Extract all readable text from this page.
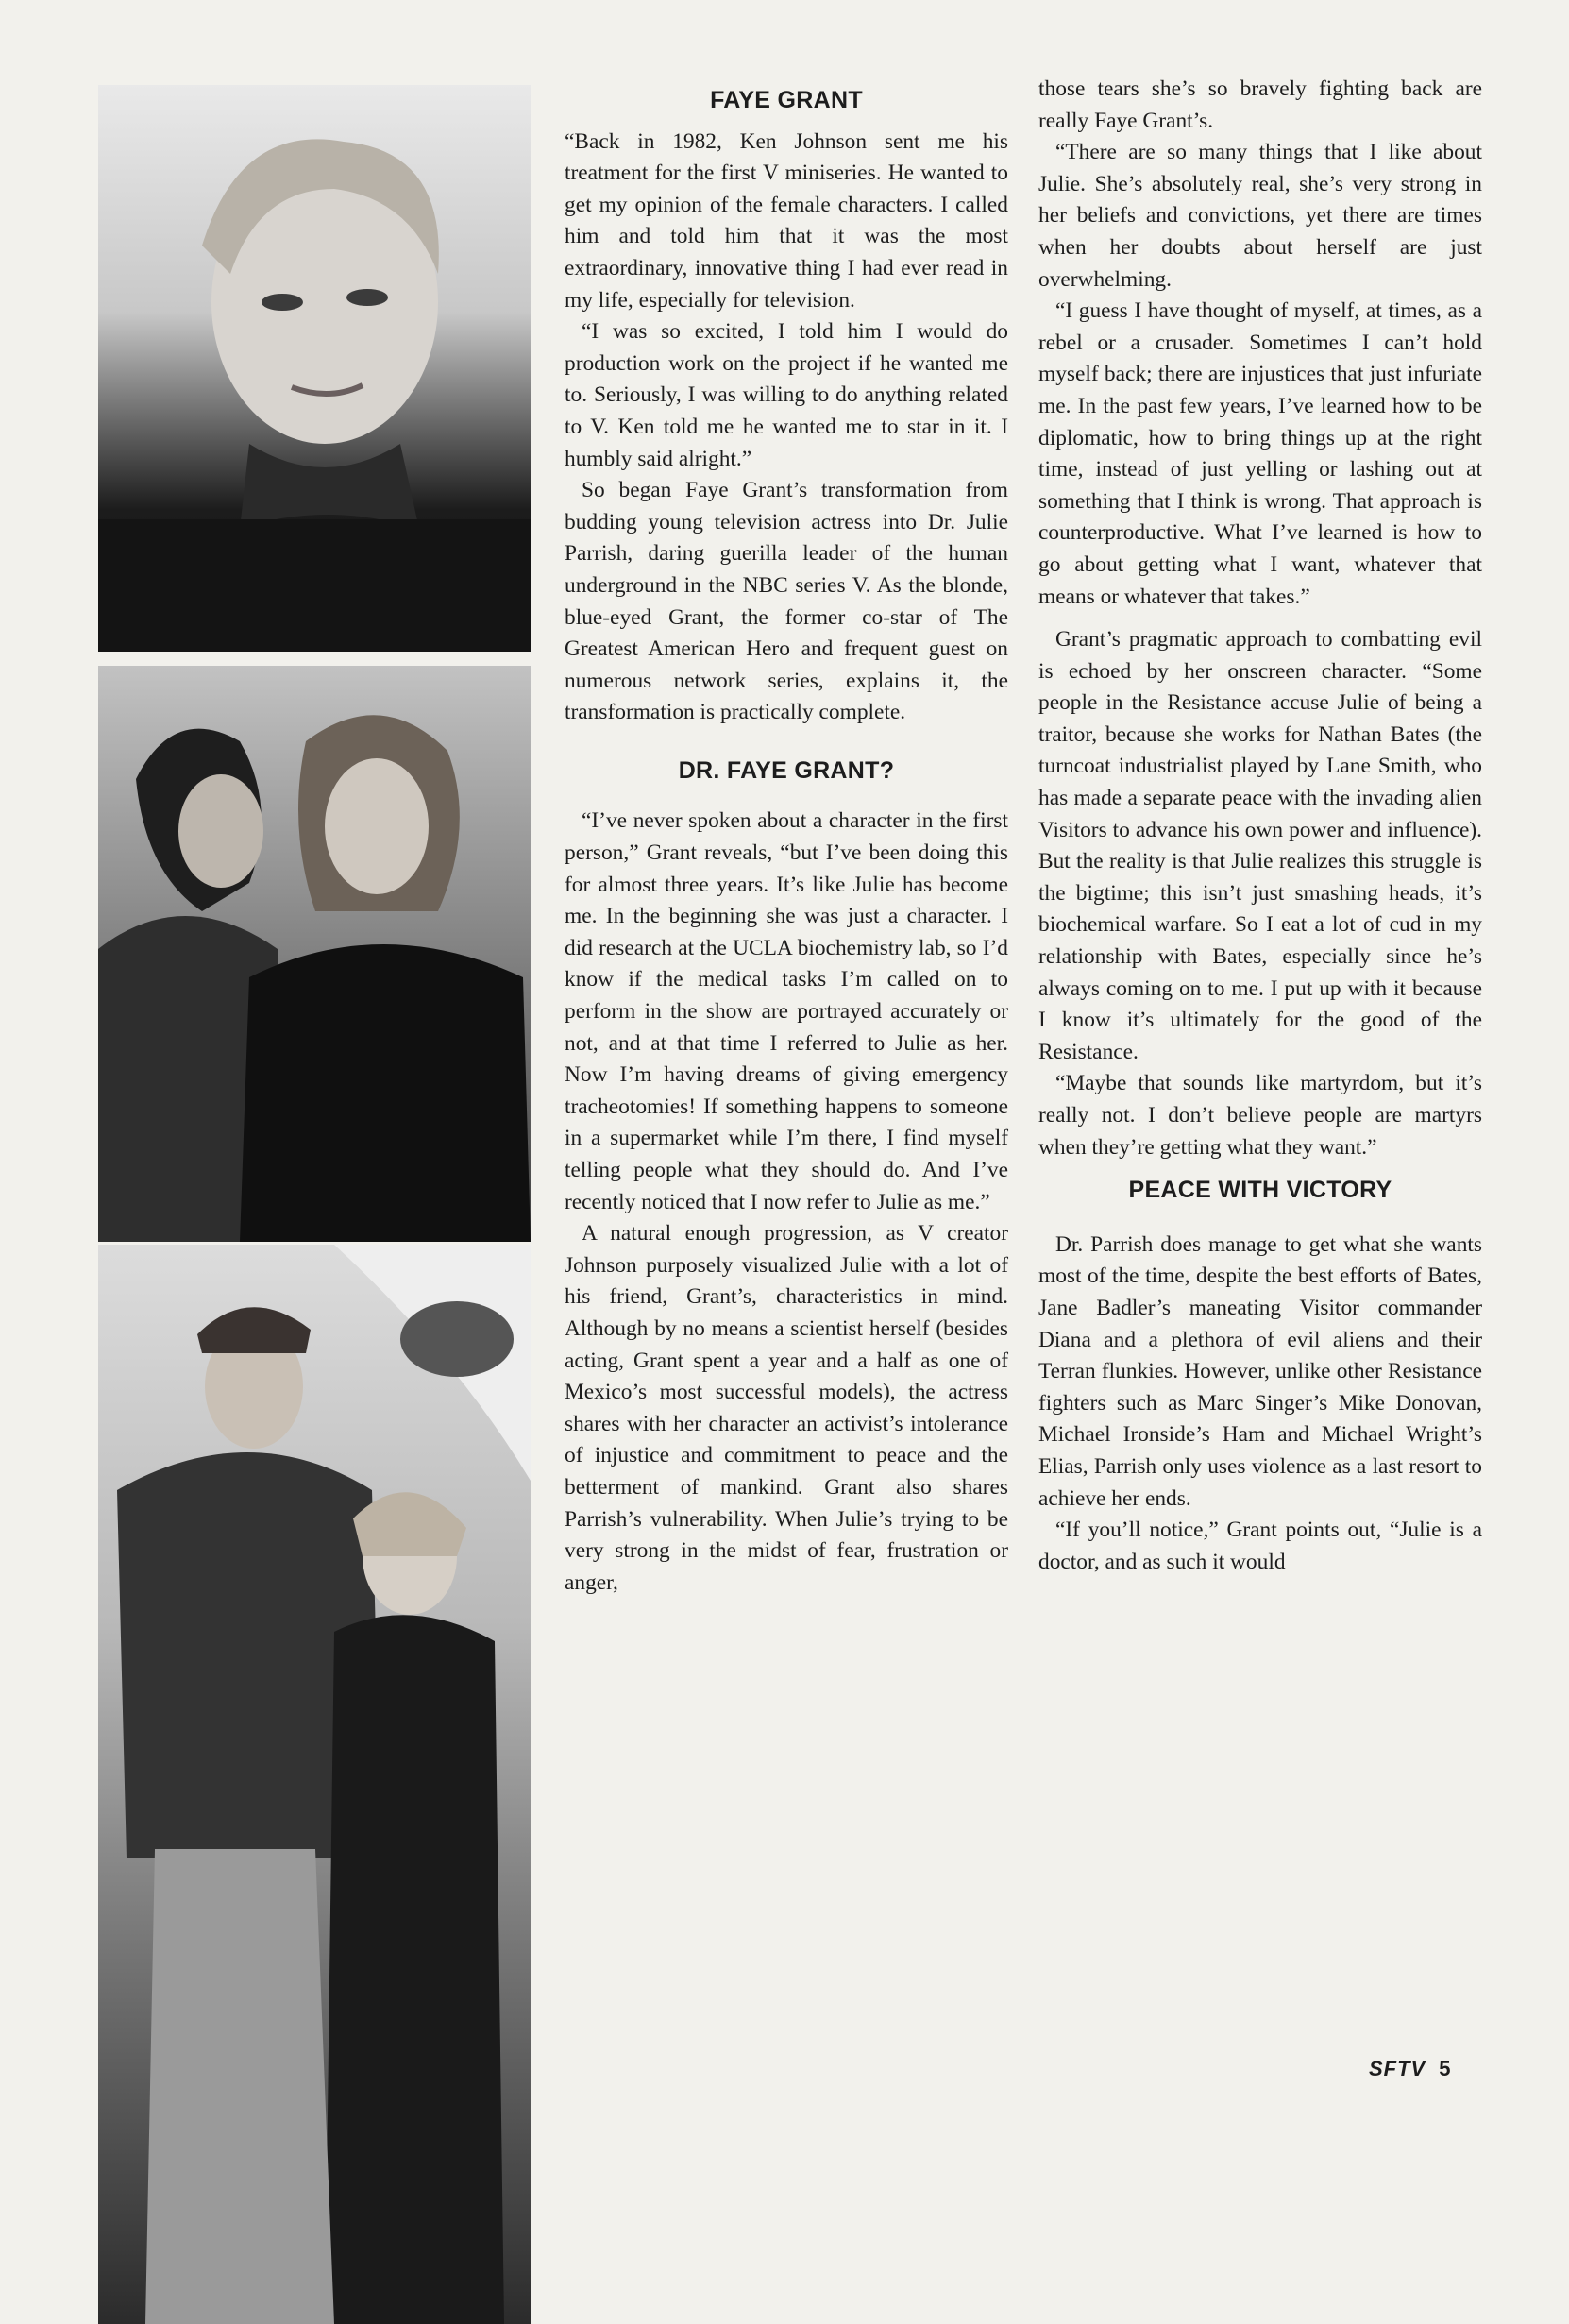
FAYE GRANT

“Back in 1982, Ken Johnson sent me his treatment for the first V miniseries. He wanted to get my opinion of the female characters. I called him and told him that it was the most extraordinary, innovative thing I had ever read in my life, especially for television.

“I was so excited, I told him I would do production work on the project if he wanted me to. Seriously, I was willing to do anything related to V. Ken told me he wanted me to star in it. I humbly said alright.”

So began Faye Grant’s transformation from budding young television actress into Dr. Julie Parrish, daring guerilla leader of the human underground in the NBC series V. As the blonde, blue-eyed Grant, the former co-star of The Greatest American Hero and frequent guest on numerous network series, explains it, the transformation is practically complete.

DR. FAYE GRANT?

“I’ve never spoken about a character in the first person,” Grant reveals, “but I’ve been doing this for almost three years. It’s like Julie has become me. In the beginning she was just a character. I did research at the UCLA biochemistry lab, so I’d know if the medical tasks I’m called on to perform in the show are portrayed accurately or not, and at that time I referred to Julie as her. Now I’m having dreams of giving emergency tracheotomies! If something happens to someone in a supermarket while I’m there, I find myself telling people what they should do. And I’ve recently noticed that I now refer to Julie as me.”

A natural enough progression, as V creator Johnson purposely visualized Julie with a lot of his friend, Grant’s, characteristics in mind. Although by no means a scientist herself (besides acting, Grant spent a year and a half as one of Mexico’s most successful models), the actress shares with her character an activist’s intolerance of injustice and commitment to peace and the betterment of mankind. Grant also shares Parrish’s vulnerability. When Julie’s trying to be very strong in the midst of fear, frustration or anger,

those tears she’s so bravely fighting back are really Faye Grant’s.

“There are so many things that I like about Julie. She’s absolutely real, she’s very strong in her beliefs and convictions, yet there are times when her doubts about herself are just overwhelming.

“I guess I have thought of myself, at times, as a rebel or a crusader. Sometimes I can’t hold myself back; there are injustices that just infuriate me. In the past few years, I’ve learned how to be diplomatic, how to bring things up at the right time, instead of just yelling or lashing out at something that I think is wrong. That approach is counterproductive. What I’ve learned is how to go about getting what I want, whatever that means or whatever that takes.”

Grant’s pragmatic approach to combatting evil is echoed by her onscreen character. “Some people in the Resistance accuse Julie of being a traitor, because she works for Nathan Bates (the turncoat industrialist played by Lane Smith, who has made a separate peace with the invading alien Visitors to advance his own power and influence). But the reality is that Julie realizes this struggle is the bigtime; this isn’t just smashing heads, it’s biochemical warfare. So I eat a lot of cud in my relationship with Bates, especially since he’s always coming on to me. I put up with it because I know it’s ultimately for the good of the Resistance.

“Maybe that sounds like martyrdom, but it’s really not. I don’t believe people are martyrs when they’re getting what they want.”

PEACE WITH VICTORY

Dr. Parrish does manage to get what she wants most of the time, despite the best efforts of Bates, Jane Badler’s maneating Visitor commander Diana and a plethora of evil aliens and their Terran flunkies. However, unlike other Resistance fighters such as Marc Singer’s Mike Donovan, Michael Ironside’s Ham and Michael Wright’s Elias, Parrish only uses violence as a last resort to achieve her ends.

“If you’ll notice,” Grant points out, “Julie is a doctor, and as such it would

SFTV 5
